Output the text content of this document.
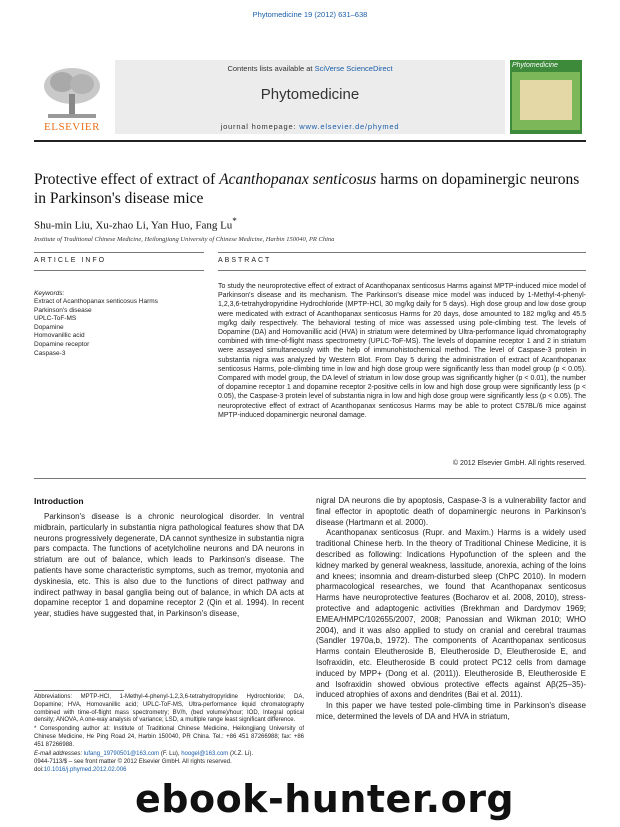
Phytomedicine 19 (2012) 631–638
ELSEVIER
Contents lists available at SciVerse ScienceDirect
Phytomedicine
journal homepage: www.elsevier.de/phymed
Phytomedicine
Protective effect of extract of Acanthopanax senticosus harms on dopaminergic neurons in Parkinson's disease mice
Shu-min Liu, Xu-zhao Li, Yan Huo, Fang Lu*
Institute of Traditional Chinese Medicine, Heilongjiang University of Chinese Medicine, Harbin 150040, PR China
ARTICLE INFO
Keywords:
Extract of Acanthopanax senticosus Harms
Parkinson's disease
UPLC-ToF-MS
Dopamine
Homovanillic acid
Dopamine receptor
Caspase-3
ABSTRACT
To study the neuroprotective effect of extract of Acanthopanax senticosus Harms against MPTP-induced mice model of Parkinson's disease and its mechanism. The Parkinson's disease mice model was induced by 1-Methyl-4-phenyl-1,2,3,6-tetrahydropyridine Hydrochloride (MPTP-HCl, 30 mg/kg daily for 5 days). High dose group and low dose group were medicated with extract of Acanthopanax senticosus Harms for 20 days, dose amounted to 182 mg/kg and 45.5 mg/kg daily respectively. The behavioral testing of mice was assessed using pole-climbing test. The levels of Dopamine (DA) and Homovanillic acid (HVA) in striatum were determined by Ultra-performance liquid chromatography combined with time-of-flight mass spectrometry (UPLC-ToF-MS). The levels of dopamine receptor 1 and 2 in striatum were assayed simultaneously with the help of immunohistochemical method. The level of Caspase-3 protein in substantia nigra was analyzed by Western Blot. From Day 5 during the administration of extract of Acanthopanax senticosus Harms, pole-climbing time in low and high dose group were significantly less than model group (p < 0.05). Compared with model group, the DA level of striatum in low dose group was significantly higher (p < 0.01), the number of dopamine receptor 1 and dopamine receptor 2-positive cells in low and high dose group were significantly less (p < 0.05), the Caspase-3 protein level of substantia nigra in low and high dose group were significantly less (p < 0.05). The neuroprotective effect of extract of Acanthopanax senticosus Harms may be able to protect C57BL/6 mice against MPTP-induced dopaminergic neuronal damage.
© 2012 Elsevier GmbH. All rights reserved.
Introduction

Parkinson's disease is a chronic neurological disorder. In ventral midbrain, particularly in substantia nigra pathological features show that DA neurons progressively degenerate, DA cannot synthesize in substantia nigra pars compacta. The functions of acetylcholine neurons and DA neurons in striatum are out of balance, which leads to Parkinson's disease. The patients have some characteristic symptoms, such as tremor, myotonia and dyskinesia, etc. This is also due to the functions of direct pathway and indirect pathway in basal ganglia being out of balance, in which DA acts at dopamine receptor 1 and dopamine receptor 2 (Qin et al. 1994). In recent year, studies have suggested that, in Parkinson's disease,

nigral DA neurons die by apoptosis, Caspase-3 is a vulnerability factor and final effector in apoptotic death of dopaminergic neurons in Parkinson's disease (Hartmann et al. 2000).

Acanthopanax senticosus (Rupr. and Maxim.) Harms is a widely used traditional Chinese herb. In the theory of Traditional Chinese Medicine, it is described as following: Indications Hypofunction of the spleen and the kidney marked by general weakness, lassitude, anorexia, aching of the loins and knees; insomnia and dream-disturbed sleep (ChPC 2010). In modern pharmacological researches, we found that Acanthopanax senticosus Harms have neuroprotective features (Bocharov et al. 2008, 2010), stress-protective and adaptogenic activities (Brekhman and Dardymov 1969; EMEA/HMPC/102655/2007, 2008; Panossian and Wikman 2010; WHO 2004), and it was also applied to study on cranial and cerebral traumas (Sandler 1970a,b, 1972). The components of Acanthopanax senticosus Harms contain Eleutheroside B, Eleutheroside D, Eleutheroside E, and Isofraxidin, etc. Eleutheroside B could protect PC12 cells from damage induced by MPP+ (Dong et al. (2011)). Eleutheroside B, Eleutheroside E and Isofraxidin showed obvious protective effects against Aβ(25–35)-induced atrophies of axons and dendrites (Bai et al. 2011).

In this paper we have tested pole-climbing time in Parkinson's disease mice, determined the levels of DA and HVA in striatum,

Abbreviations: MPTP-HCl, 1-Methyl-4-phenyl-1,2,3,6-tetrahydropyridine Hydrochloride; DA, Dopamine; HVA, Homovanillic acid; UPLC-ToF-MS, Ultra-performance liquid chromatography combined with time-of-flight mass spectrometry; BV/h, (bed volume)/hour; IOD, Integral optical density; ANOVA, A one-way analysis of variance; LSD, a multiple range least significant difference.

* Corresponding author at: Institute of Traditional Chinese Medicine, Heilongjiang University of Chinese Medicine, He Ping Road 24, Harbin 150040, PR China. Tel.: +86 451 87266988; fax: +86 451 87266988.

E-mail addresses: lufang_19790501@163.com (F. Lu), hoogel@163.com (X.Z. Li).

0944-7113/$ – see front matter © 2012 Elsevier GmbH. All rights reserved.
doi:10.1016/j.phymed.2012.02.006
ebook-hunter.org
